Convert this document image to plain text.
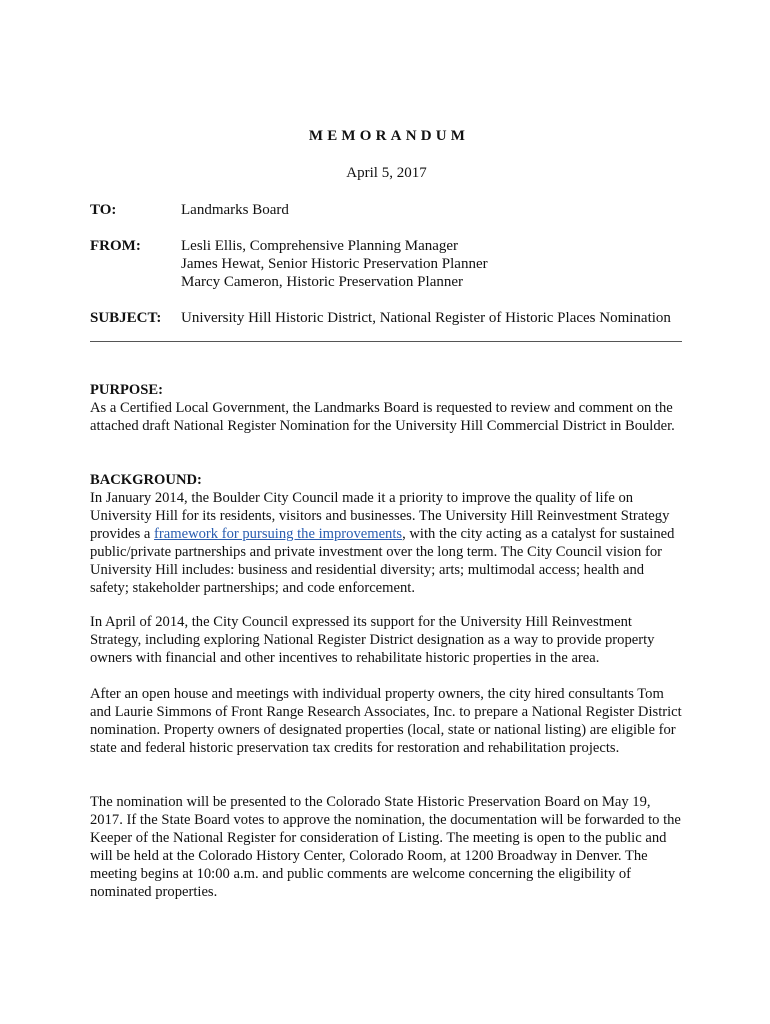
MEMORANDUM
April 5, 2017
TO:	Landmarks Board
FROM:	Lesli Ellis, Comprehensive Planning Manager
James Hewat, Senior Historic Preservation Planner
Marcy Cameron, Historic Preservation Planner
SUBJECT: University Hill Historic District, National Register of Historic Places Nomination
PURPOSE:

As a Certified Local Government, the Landmarks Board is requested to review and comment on the attached draft National Register Nomination for the University Hill Commercial District in Boulder.

BACKGROUND:

In January 2014, the Boulder City Council made it a priority to improve the quality of life on University Hill for its residents, visitors and businesses. The University Hill Reinvestment Strategy provides a framework for pursuing the improvements, with the city acting as a catalyst for sustained public/private partnerships and private investment over the long term. The City Council vision for University Hill includes: business and residential diversity; arts; multimodal access; health and safety; stakeholder partnerships; and code enforcement.

In April of 2014, the City Council expressed its support for the University Hill Reinvestment Strategy, including exploring National Register District designation as a way to provide property owners with financial and other incentives to rehabilitate historic properties in the area.

After an open house and meetings with individual property owners, the city hired consultants Tom and Laurie Simmons of Front Range Research Associates, Inc. to prepare a National Register District nomination. Property owners of designated properties (local, state or national listing) are eligible for state and federal historic preservation tax credits for restoration and rehabilitation projects.

The nomination will be presented to the Colorado State Historic Preservation Board on May 19, 2017. If the State Board votes to approve the nomination, the documentation will be forwarded to the Keeper of the National Register for consideration of Listing. The meeting is open to the public and will be held at the Colorado History Center, Colorado Room, at 1200 Broadway in Denver. The meeting begins at 10:00 a.m. and public comments are welcome concerning the eligibility of nominated properties.
